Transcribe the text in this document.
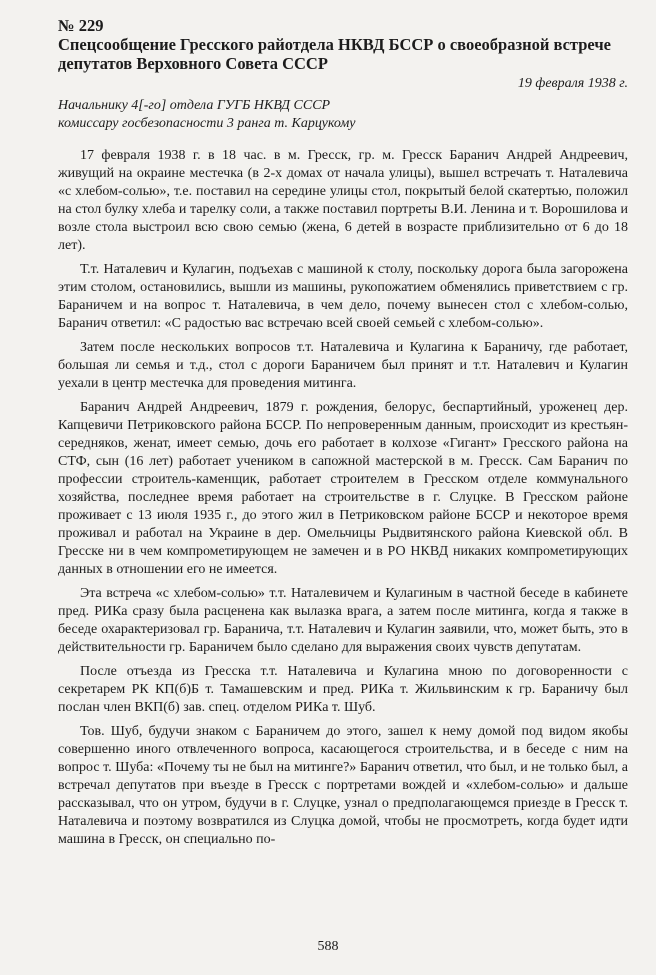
№ 229

Спецсообщение Гресского райотдела НКВД БССР о своеобразной встрече депутатов Верховного Совета СССР

19 февраля 1938 г.

Начальнику 4[-го] отдела ГУГБ НКВД СССР
комиссару госбезопасности 3 ранга т. Карцукому

17 февраля 1938 г. в 18 час. в м. Гресск, гр. м. Гресск Баранич Андрей Андреевич, живущий на окраине местечка (в 2-х домах от начала улицы), вышел встречать т. Наталевича «с хлебом-солью», т.е. поставил на середине улицы стол, покрытый белой скатертью, положил на стол булку хлеба и тарелку соли, а также поставил портреты В.И. Ленина и т. Ворошилова и возле стола выстроил всю свою семью (жена, 6 детей в возрасте приблизительно от 6 до 18 лет).

Т.т. Наталевич и Кулагин, подъехав с машиной к столу, поскольку дорога была загорожена этим столом, остановились, вышли из машины, рукопожатием обменялись приветствием с гр. Бараничем и на вопрос т. Наталевича, в чем дело, почему вынесен стол с хлебом-солью, Баранич ответил: «С радостью вас встречаю всей своей семьей с хлебом-солью».

Затем после нескольких вопросов т.т. Наталевича и Кулагина к Бараничу, где работает, большая ли семья и т.д., стол с дороги Бараничем был принят и т.т. Наталевич и Кулагин уехали в центр местечка для проведения митинга.

Баранич Андрей Андреевич, 1879 г. рождения, белорус, беспартийный, уроженец дер. Капцевичи Петриковского района БССР. По непроверенным данным, происходит из крестьян-середняков, женат, имеет семью, дочь его работает в колхозе «Гигант» Гресского района на СТФ, сын (16 лет) работает учеником в сапожной мастерской в м. Гресск. Сам Баранич по профессии строитель-каменщик, работает строителем в Гресском отделе коммунального хозяйства, последнее время работает на строительстве в г. Слуцке. В Гресском районе проживает с 13 июля 1935 г., до этого жил в Петриковском районе БССР и некоторое время проживал и работал на Украине в дер. Омельчицы Рыдвитянского района Киевской обл. В Гресске ни в чем компрометирующем не замечен и в РО НКВД никаких компрометирующих данных в отношении его не имеется.

Эта встреча «с хлебом-солью» т.т. Наталевичем и Кулагиным в частной беседе в кабинете пред. РИКа сразу была расценена как вылазка врага, а затем после митинга, когда я также в беседе охарактеризовал гр. Баранича, т.т. Наталевич и Кулагин заявили, что, может быть, это в действительности гр. Бараничем было сделано для выражения своих чувств депутатам.

После отъезда из Гресска т.т. Наталевича и Кулагина мною по договоренности с секретарем РК КП(б)Б т. Тамашевским и пред. РИКа т. Жильвинским к гр. Бараничу был послан член ВКП(б) зав. спец. отделом РИКа т. Шуб.

Тов. Шуб, будучи знаком с Бараничем до этого, зашел к нему домой под видом якобы совершенно иного отвлеченного вопроса, касающегося строительства, и в беседе с ним на вопрос т. Шуба: «Почему ты не был на митинге?» Баранич ответил, что был, и не только был, а встречал депутатов при въезде в Гресск с портретами вождей и «хлебом-солью» и дальше рассказывал, что он утром, будучи в г. Слуцке, узнал о предполагающемся приезде в Гресск т. Наталевича и поэтому возвратился из Слуцка домой, чтобы не просмотреть, когда будет идти машина в Гресск, он специально по-

588
